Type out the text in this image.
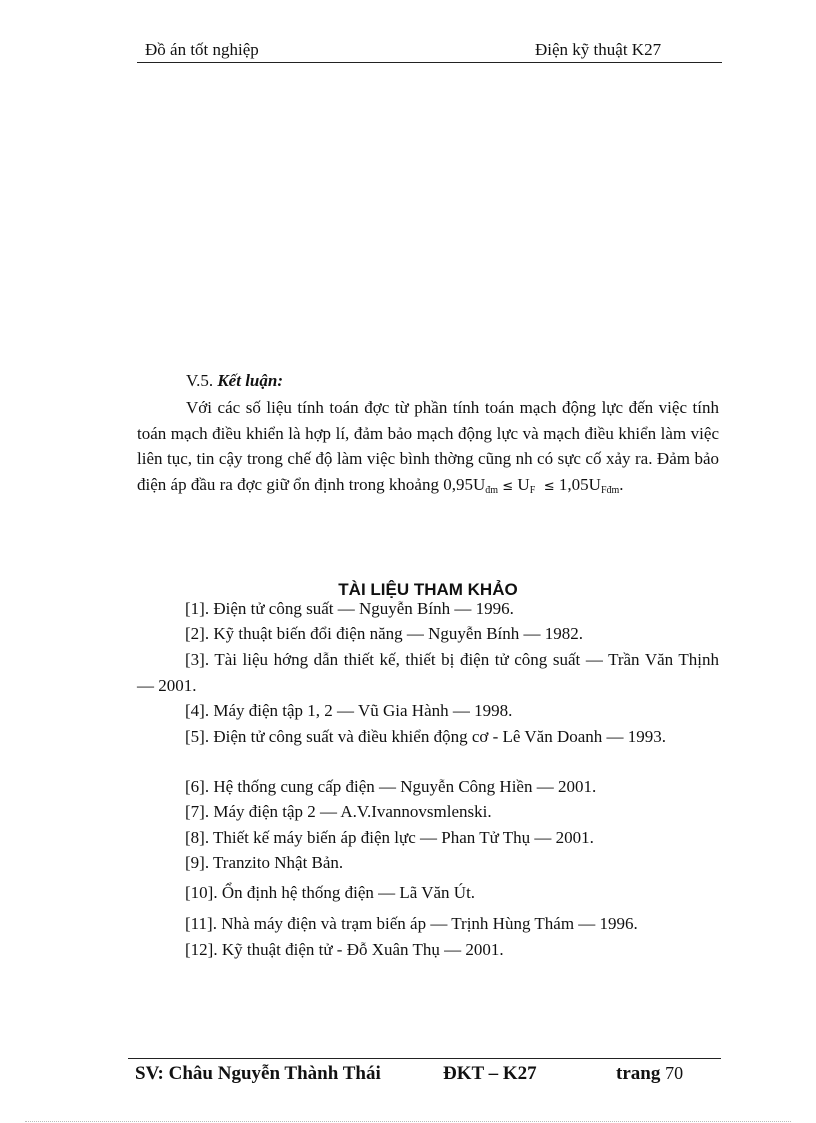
Đồ án tốt nghiệp	Điện kỹ thuật K27
V.5. Kết luận:
Với các số liệu tính toán đợc từ phần tính toán mạch động lực đến việc tính toán mạch điều khiển là hợp lí, đảm bảo mạch động lực và mạch điều khiển làm việc liên tục, tin cậy trong chế độ làm việc bình thờng cũng nh có sực cố xảy ra. Đảm bảo điện áp đầu ra đợc giữ ổn định trong khoảng $0,95U_{đm} \le U_F \le 1,05U_{Fđm}$.
TÀI LIỆU THAM KHẢO
[1]. Điện tử công suất — Nguyễn Bính — 1996.
[2]. Kỹ thuật biến đổi điện năng — Nguyễn Bính — 1982.
[3]. Tài liệu hớng dẫn thiết kế, thiết bị điện tử công suất — Trần Văn Thịnh — 2001.
[4]. Máy điện tập 1, 2 — Vũ Gia Hành — 1998.
[5]. Điện tử công suất và điều khiển động cơ - Lê Văn Doanh — 1993.
[6]. Hệ thống cung cấp điện — Nguyễn Công Hiền — 2001.
[7]. Máy điện tập 2 — A.V.Ivannovsmlenski.
[8]. Thiết kế máy biến áp điện lực — Phan Tử Thụ — 2001.
[9]. Tranzito Nhật Bản.
[10]. Ổn định hệ thống điện — Lã Văn Út.
[11]. Nhà máy điện và trạm biến áp — Trịnh Hùng Thám — 1996.
[12]. Kỹ thuật điện tử - Đỗ Xuân Thụ — 2001.
SV: Châu Nguyễn Thành Thái	ĐKT – K27	trang 70
